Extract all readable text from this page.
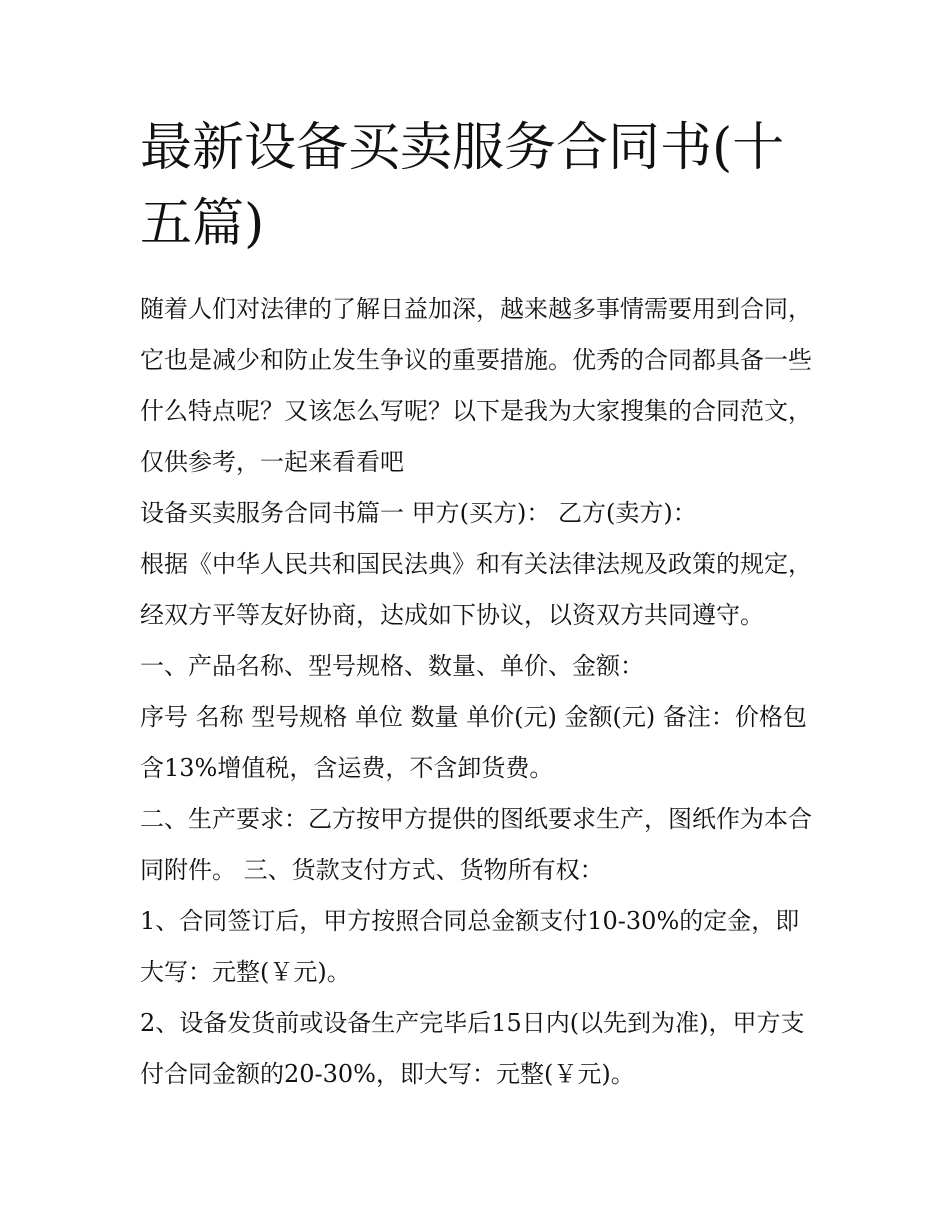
最新设备买卖服务合同书(十五篇)

随着人们对法律的了解日益加深，越来越多事情需要用到合同，它也是减少和防止发生争议的重要措施。优秀的合同都具备一些什么特点呢？又该怎么写呢？以下是我为大家搜集的合同范文，仅供参考，一起来看看吧

设备买卖服务合同书篇一 甲方(买方)： 乙方(卖方)：

根据《中华人民共和国民法典》和有关法律法规及政策的规定，经双方平等友好协商，达成如下协议，以资双方共同遵守。 一、产品名称、型号规格、数量、单价、金额：

序号 名称 型号规格 单位 数量 单价(元) 金额(元) 备注：价格包含13%增值税，含运费，不含卸货费。

二、生产要求：乙方按甲方提供的图纸要求生产，图纸作为本合同附件。 三、货款支付方式、货物所有权：

1、合同签订后，甲方按照合同总金额支付10-30%的定金，即大写：元整(￥元)。

2、设备发货前或设备生产完毕后15日内(以先到为准)，甲方支付合同金额的20-30%，即大写：元整(￥元)。
